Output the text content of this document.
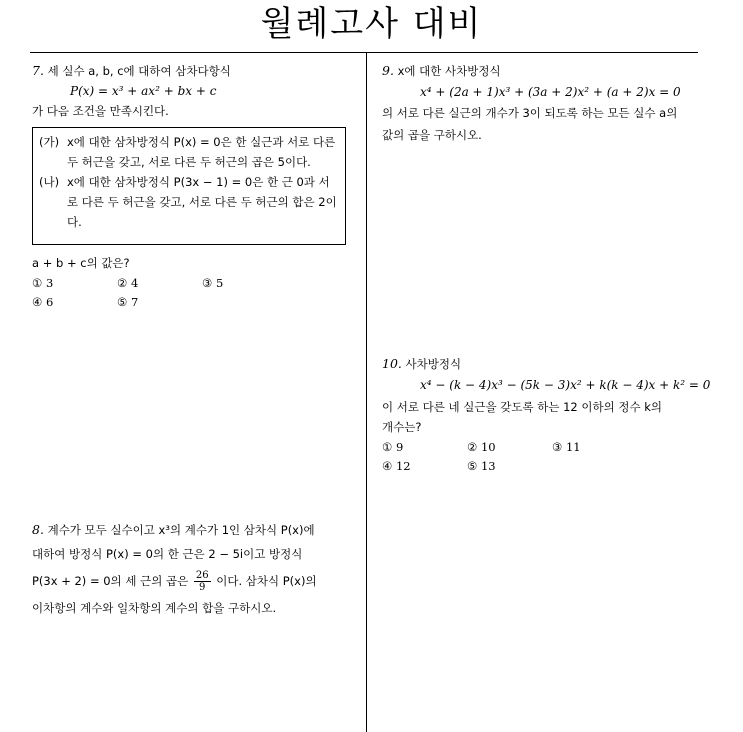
월례고사 대비
7. 세 실수 a, b, c에 대하여 삼차다항식
P(x) = x³ + ax² + bx + c
가 다음 조건을 만족시킨다.
(가) x에 대한 삼차방정식 P(x) = 0은 한 실근과 서로 다른 두 허근을 갖고, 서로 다른 두 허근의 곱은 5이다.
(나) x에 대한 삼차방정식 P(3x − 1) = 0은 한 근 0과 서로 다른 두 허근을 갖고, 서로 다른 두 허근의 합은 2이다.
a + b + c의 값은?
① 3	② 4	③ 5
④ 6	⑤ 7
8. 계수가 모두 실수이고 x³의 계수가 1인 삼차식 P(x)에
대하여 방정식 P(x) = 0의 한 근은 2 − 5i이고 방정식
P(3x + 2) = 0의 세 근의 곱은 $\frac{26}{9}$ 이다. 삼차식 P(x)의
이차항의 계수와 일차항의 계수의 합을 구하시오.
9. x에 대한 사차방정식
x⁴ + (2a + 1)x³ + (3a + 2)x² + (a + 2)x = 0
의 서로 다른 실근의 개수가 3이 되도록 하는 모든 실수 a의
값의 곱을 구하시오.
10. 사차방정식
x⁴ − (k − 4)x³ − (5k − 3)x² + k(k − 4)x + k² = 0
이 서로 다른 네 실근을 갖도록 하는 12 이하의 정수 k의
개수는?
① 9	② 10	③ 11
④ 12	⑤ 13
